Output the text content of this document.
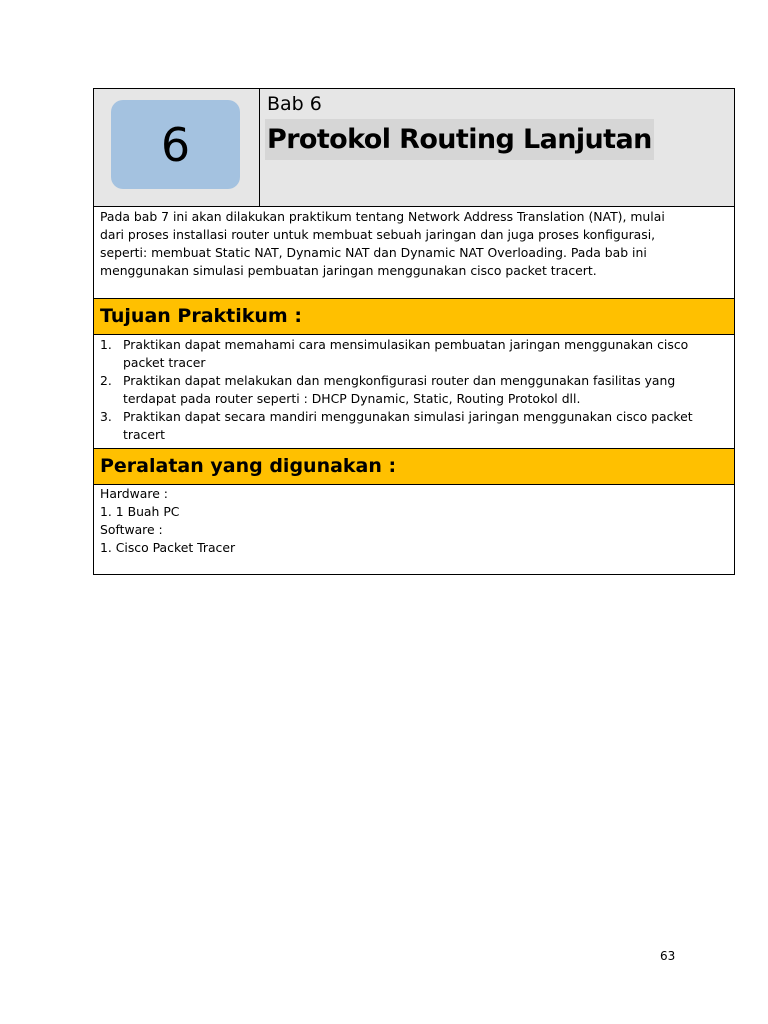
6
Bab 6
Protokol Routing Lanjutan
Pada bab 7 ini akan dilakukan praktikum tentang Network Address Translation (NAT), mulai
dari proses installasi router untuk membuat sebuah jaringan dan juga proses konfigurasi,
seperti: membuat Static NAT, Dynamic NAT dan Dynamic NAT Overloading. Pada bab ini
menggunakan simulasi pembuatan jaringan menggunakan cisco packet tracert.
Tujuan Praktikum :
1. Praktikan dapat memahami cara mensimulasikan pembuatan jaringan menggunakan cisco packet tracer
2. Praktikan dapat melakukan dan mengkonfigurasi router dan menggunakan fasilitas yang terdapat pada router seperti : DHCP Dynamic, Static, Routing Protokol dll.
3. Praktikan dapat secara mandiri menggunakan simulasi jaringan menggunakan cisco packet tracert
Peralatan yang digunakan :
Hardware :
1. 1 Buah PC
Software :
1. Cisco Packet Tracer
63
